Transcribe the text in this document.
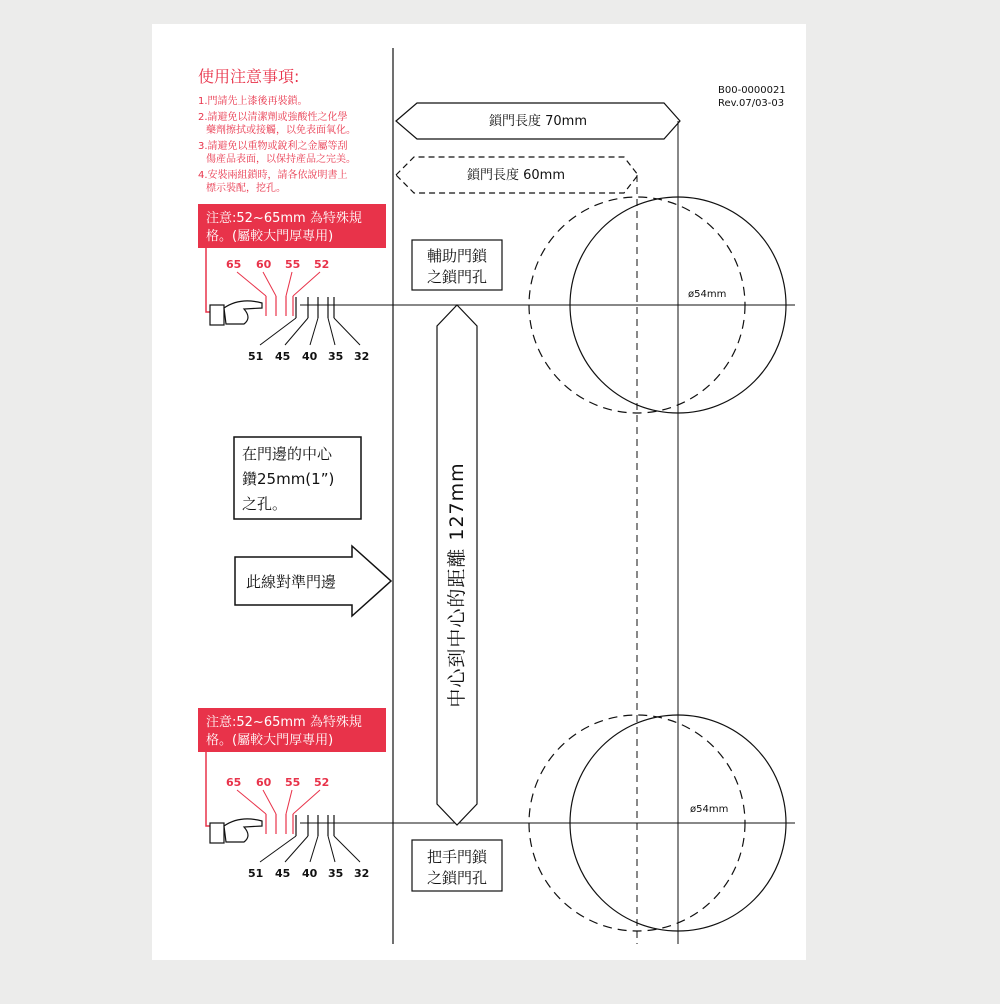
B00-0000021
Rev.07/03-03
使用注意事項:
1.門請先上漆後再裝鎖。
2.請避免以清潔劑或強酸性之化學 藥劑擦拭或接觸，以免表面氧化。
3.請避免以重物或銳利之金屬等刮 傷產品表面，以保持產品之完美。
4.安裝兩組鎖時，請各依說明書上 標示裝配，挖孔。
注意:52~65mm 為特殊規
格。(屬較大門厚專用)
注意:52~65mm 為特殊規
格。(屬較大門厚專用)
65 60 55 52
51 45 40 35 32
65 60 55 52
51 45 40 35 32
在門邊的中心
鑽25mm(1”)
之孔。
此線對準門邊
鎖門長度 70mm
鎖門長度 60mm
輔助門鎖
之鎖門孔
把手門鎖
之鎖門孔
中心到中心的距離 127mm
ø54mm
ø54mm
